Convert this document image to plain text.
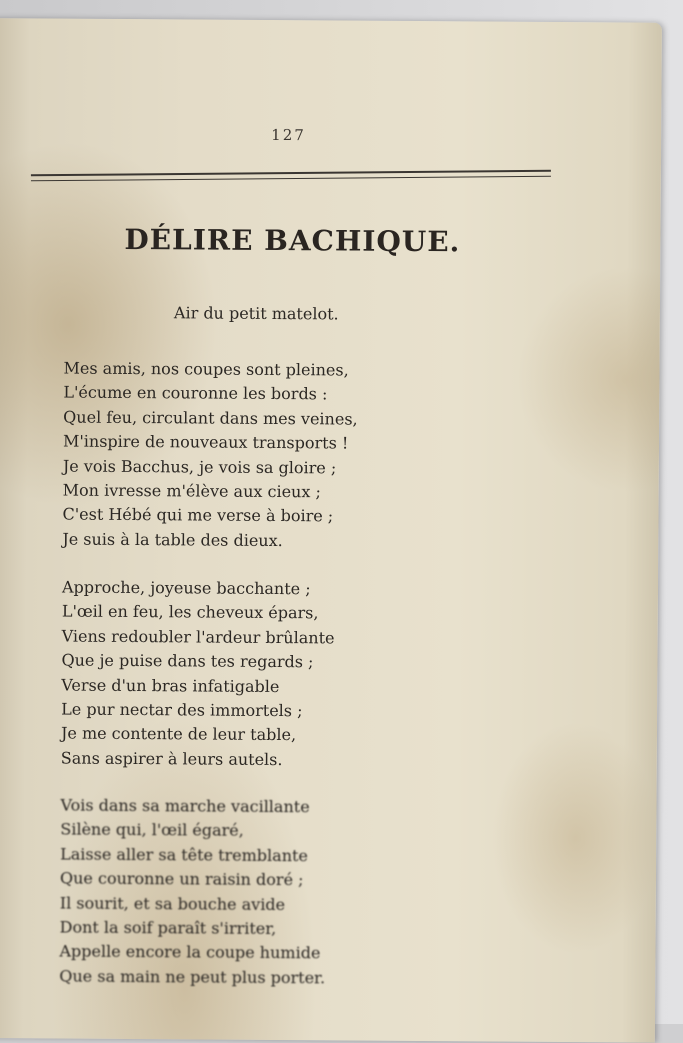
127
DÉLIRE BACHIQUE.
Air du petit matelot.
Mes amis, nos coupes sont pleines,
L'écume en couronne les bords :
Quel feu, circulant dans mes veines,
M'inspire de nouveaux transports !
Je vois Bacchus, je vois sa gloire ;
Mon ivresse m'élève aux cieux ;
C'est Hébé qui me verse à boire ;
Je suis à la table des dieux.
Approche, joyeuse bacchante ;
L'œil en feu, les cheveux épars,
Viens redoubler l'ardeur brûlante
Que je puise dans tes regards ;
Verse d'un bras infatigable
Le pur nectar des immortels ;
Je me contente de leur table,
Sans aspirer à leurs autels.
Vois dans sa marche vacillante
Silène qui, l'œil égaré,
Laisse aller sa tête tremblante
Que couronne un raisin doré ;
Il sourit, et sa bouche avide
Dont la soif paraît s'irriter,
Appelle encore la coupe humide
Que sa main ne peut plus porter.
